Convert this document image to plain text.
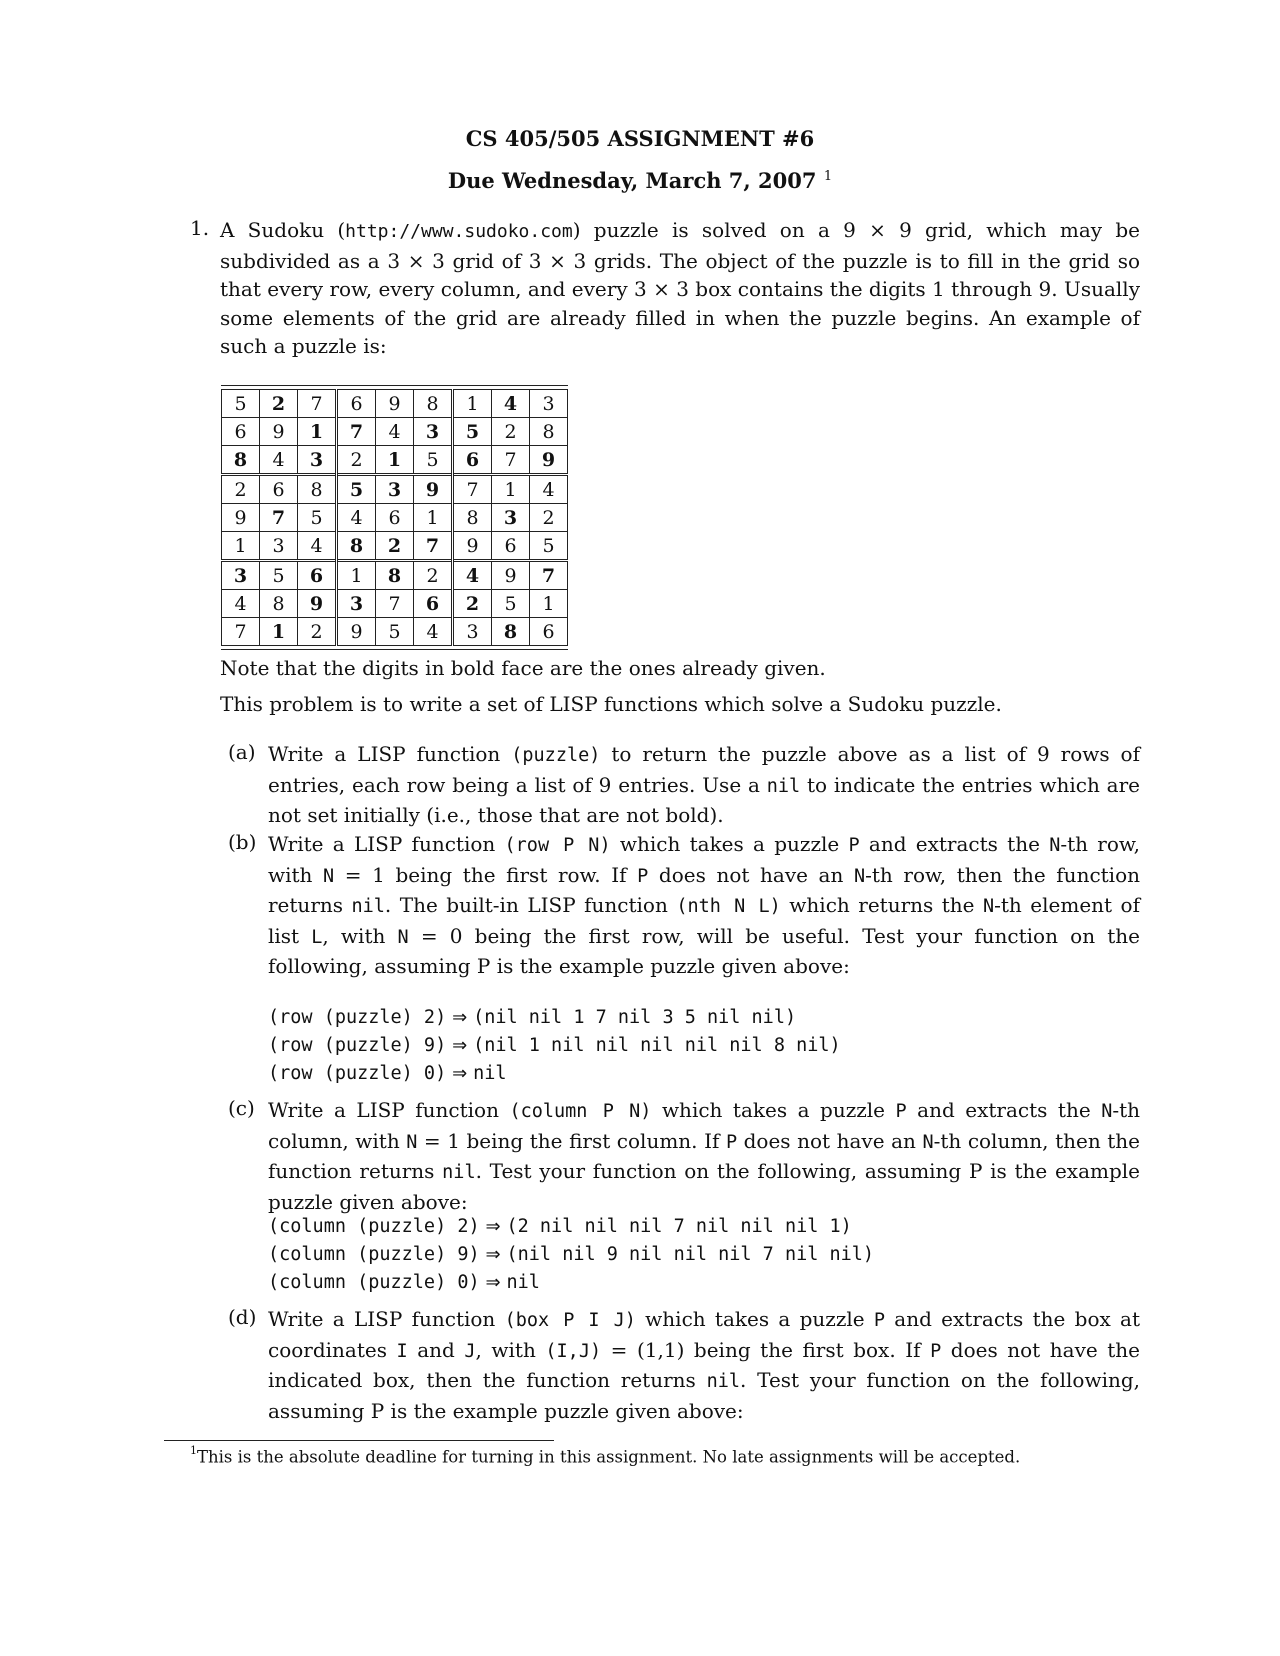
CS 405/505 ASSIGNMENT #6
Due Wednesday, March 7, 2007 $^1$
1. A Sudoku (http://www.sudoko.com) puzzle is solved on a 9 × 9 grid, which may be subdivided as a 3 × 3 grid of 3 × 3 grids. The object of the puzzle is to fill in the grid so that every row, every column, and every 3 × 3 box contains the digits 1 through 9. Usually some elements of the grid are already filled in when the puzzle begins. An example of such a puzzle is:
5	2	7	6	9	8	1	4	3
6	9	1	7	4	3	5	2	8
8	4	3	2	1	5	6	7	9
2	6	8	5	3	9	7	1	4
9	7	5	4	6	1	8	3	2
1	3	4	8	2	7	9	6	5
3	5	6	1	8	2	4	9	7
4	8	9	3	7	6	2	5	1
7	1	2	9	5	4	3	8	6
Note that the digits in bold face are the ones already given.
This problem is to write a set of LISP functions which solve a Sudoku puzzle.
(a) Write a LISP function (puzzle) to return the puzzle above as a list of 9 rows of entries, each row being a list of 9 entries. Use a nil to indicate the entries which are not set initially (i.e., those that are not bold).
(b) Write a LISP function (row P N) which takes a puzzle P and extracts the N-th row, with N = 1 being the first row. If P does not have an N-th row, then the function returns nil. The built-in LISP function (nth N L) which returns the N-th element of list L, with N = 0 being the first row, will be useful. Test your function on the following, assuming P is the example puzzle given above:
(row (puzzle) 2) ⇒ (nil nil 1 7 nil 3 5 nil nil)
(row (puzzle) 9) ⇒ (nil 1 nil nil nil nil nil 8 nil)
(row (puzzle) 0) ⇒ nil
(c) Write a LISP function (column P N) which takes a puzzle P and extracts the N-th column, with N = 1 being the first column. If P does not have an N-th column, then the function returns nil. Test your function on the following, assuming P is the example puzzle given above:
(column (puzzle) 2) ⇒ (2 nil nil nil 7 nil nil nil 1)
(column (puzzle) 9) ⇒ (nil nil 9 nil nil nil 7 nil nil)
(column (puzzle) 0) ⇒ nil
(d) Write a LISP function (box P I J) which takes a puzzle P and extracts the box at coordinates I and J, with (I,J) = (1,1) being the first box. If P does not have the indicated box, then the function returns nil. Test your function on the following, assuming P is the example puzzle given above:
$^1$This is the absolute deadline for turning in this assignment. No late assignments will be accepted.
